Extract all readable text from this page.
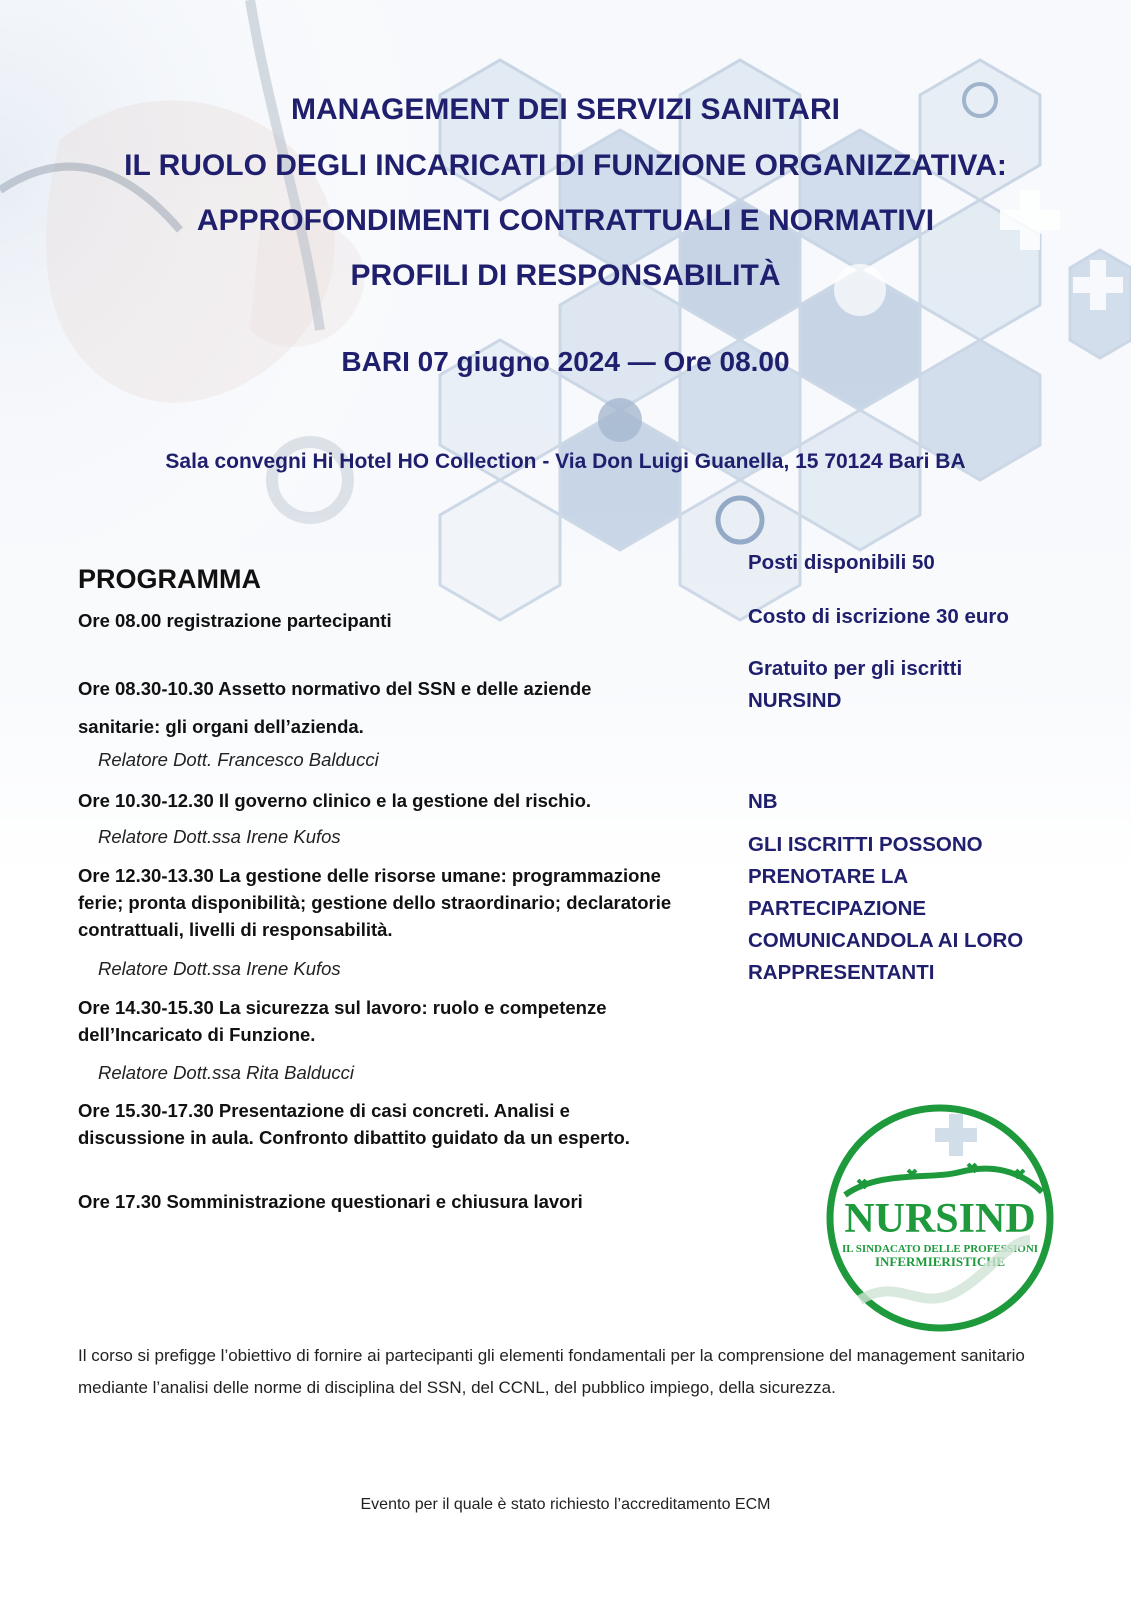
MANAGEMENT DEI SERVIZI SANITARI
IL RUOLO DEGLI INCARICATI DI FUNZIONE ORGANIZZATIVA:
APPROFONDIMENTI CONTRATTUALI E NORMATIVI
PROFILI DI RESPONSABILITÀ
BARI 07 giugno 2024 — Ore 08.00
Sala convegni Hi Hotel HO Collection - Via Don Luigi Guanella, 15 70124 Bari BA
PROGRAMMA
Ore 08.00 registrazione partecipanti
Ore 08.30-10.30 Assetto normativo del SSN e delle aziende sanitarie: gli organi dell’azienda.
Relatore Dott. Francesco Balducci
Ore 10.30-12.30 Il governo clinico e la gestione del rischio.
Relatore Dott.ssa Irene Kufos
Ore 12.30-13.30 La gestione delle risorse umane: programmazione ferie; pronta disponibilità; gestione dello straordinario; declaratorie contrattuali, livelli di responsabilità.
Relatore Dott.ssa Irene Kufos
Ore 14.30-15.30 La sicurezza sul lavoro: ruolo e competenze dell’Incaricato di Funzione.
Relatore Dott.ssa Rita Balducci
Ore 15.30-17.30 Presentazione di casi concreti. Analisi e discussione in aula. Confronto dibattito guidato da un esperto.
Ore 17.30 Somministrazione questionari e chiusura lavori
Posti disponibili 50
Costo di iscrizione 30 euro
Gratuito per gli iscritti NURSIND
NB
GLI ISCRITTI POSSONO PRENOTARE LA PARTECIPAZIONE COMUNICANDOLA AI LORO RAPPRESENTANTI
NURSIND
IL SINDACATO DELLE PROFESSIONI
INFERMIERISTICHE
Il corso si prefigge l’obiettivo di fornire ai partecipanti gli elementi fondamentali per la comprensione del management sanitario mediante l’analisi delle norme di disciplina del SSN, del CCNL, del pubblico impiego, della sicurezza.
Evento per il quale è stato richiesto l’accreditamento ECM
